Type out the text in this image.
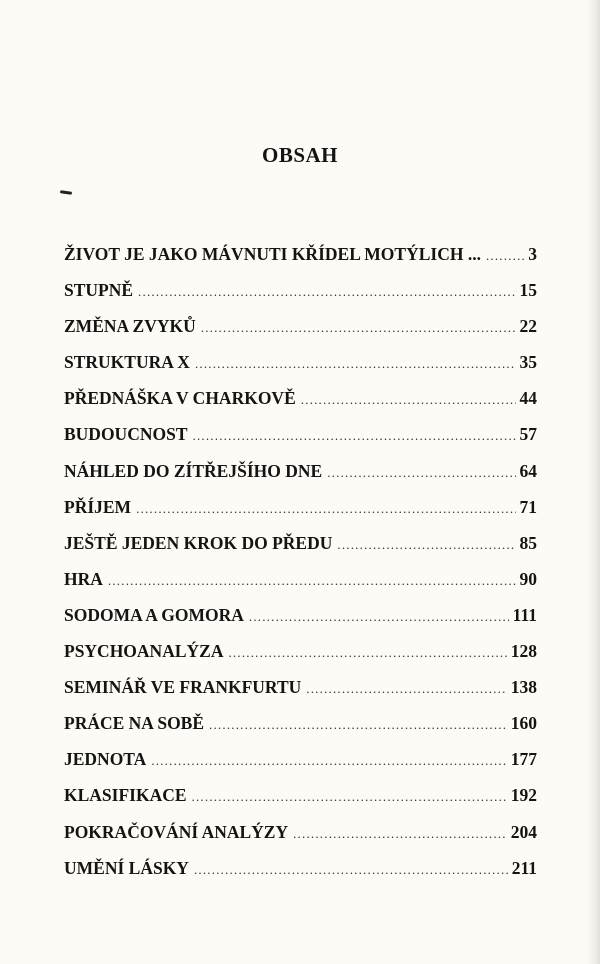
OBSAH
ŽIVOT JE JAKO MÁVNUTI KŘÍDEL MOTÝLICH ... .....	3
STUPNĚ .....	15
ZMĚNA ZVYKŮ .....	22
STRUKTURA X .....	35
PŘEDNÁŠKA V CHARKOVĚ .....	44
BUDOUCNOST .....	57
NÁHLED DO ZÍTŘEJŠÍHO DNE .....	64
PŘÍJEM .....	71
JEŠTĚ JEDEN KROK DO PŘEDU .....	85
HRA .....	90
SODOMA A GOMORA .....	111
PSYCHOANALÝZA .....	128
SEMINÁŘ VE FRANKFURTU .....	138
PRÁCE NA SOBĚ .....	160
JEDNOTA .....	177
KLASIFIKACE .....	192
POKRAČOVÁNÍ ANALÝZY .....	204
UMĚNÍ LÁSKY .....	211
